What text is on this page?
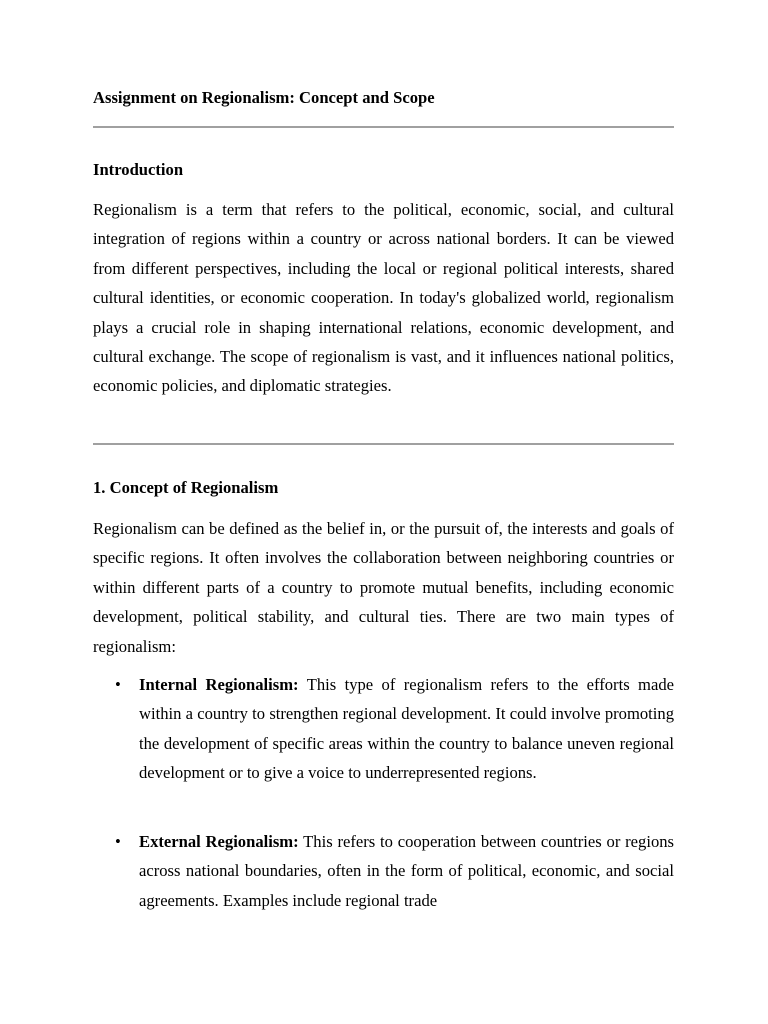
Assignment on Regionalism: Concept and Scope

Introduction

Regionalism is a term that refers to the political, economic, social, and cultural integration of regions within a country or across national borders. It can be viewed from different perspectives, including the local or regional political interests, shared cultural identities, or economic cooperation. In today's globalized world, regionalism plays a crucial role in shaping international relations, economic development, and cultural exchange. The scope of regionalism is vast, and it influences national politics, economic policies, and diplomatic strategies.

1. Concept of Regionalism

Regionalism can be defined as the belief in, or the pursuit of, the interests and goals of specific regions. It often involves the collaboration between neighboring countries or within different parts of a country to promote mutual benefits, including economic development, political stability, and cultural ties. There are two main types of regionalism:

• Internal Regionalism: This type of regionalism refers to the efforts made within a country to strengthen regional development. It could involve promoting the development of specific areas within the country to balance uneven regional development or to give a voice to underrepresented regions.
• External Regionalism: This refers to cooperation between countries or regions across national boundaries, often in the form of political, economic, and social agreements. Examples include regional trade
